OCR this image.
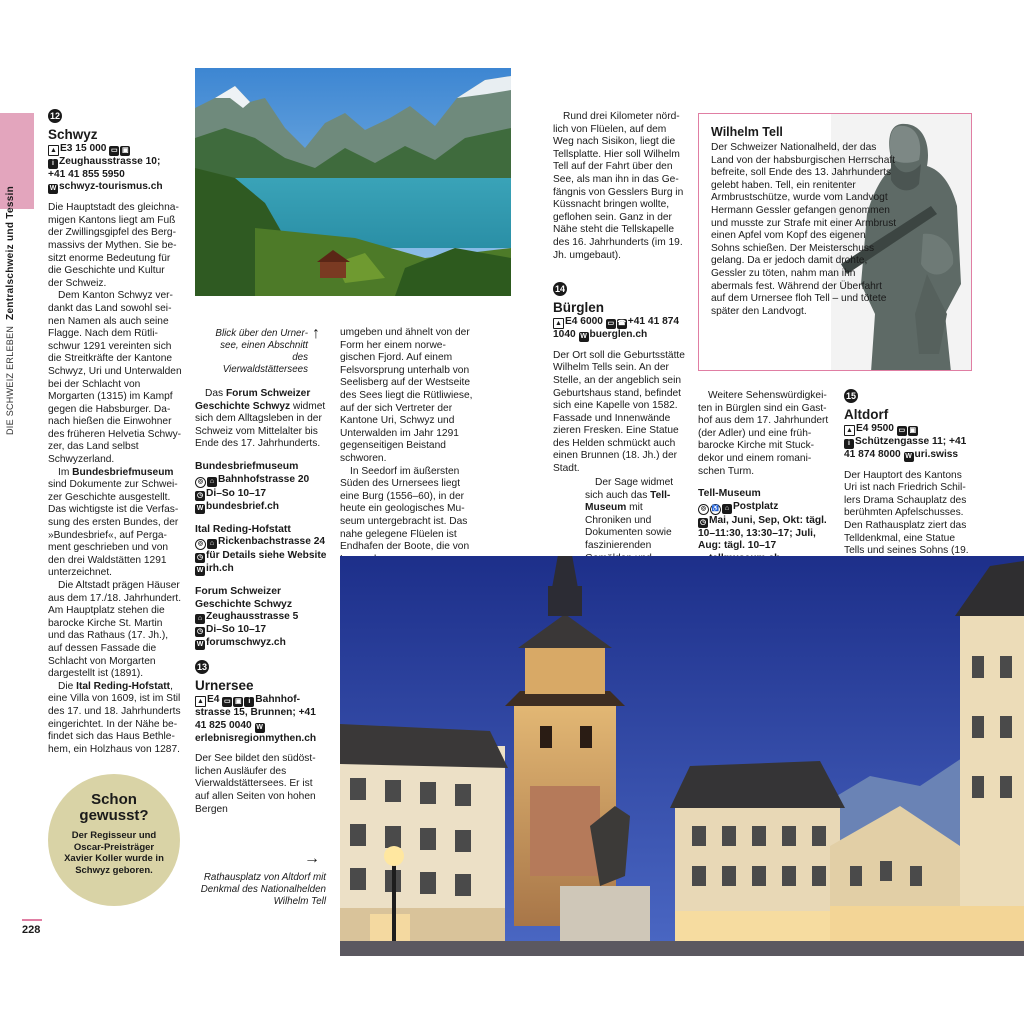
DIE SCHWEIZ ERLEBEN Zentralschweiz und Tessin
228
12
Schwyz
▲ E3 15 000 ▭ ▣
i Zeughausstrasse 10;
+41 41 855 5950
W schwyz-tourismus.ch

Die Hauptstadt des gleichnamigen Kantons liegt am Fuß der Zwillingsgipfel des Bergmassivs der Mythen. Sie besitzt enorme Bedeutung für die Geschichte und Kultur der Schweiz.

Dem Kanton Schwyz verdankt das Land sowohl seinen Namen als auch seine Flagge. Nach dem Rütlischwur 1291 vereinten sich die Streitkräfte der Kantone Schwyz, Uri und Unterwalden bei der Schlacht von Morgarten (1315) im Kampf gegen die Habsburger. Danach hießen die Einwohner des früheren Helvetia Schwyzer, das Land selbst Schwyzerland.

Im Bundesbriefmuseum sind Dokumente zur Schweizer Geschichte ausgestellt. Das wichtigste ist die Verfassung des ersten Bundes, der »Bundesbrief«, auf Pergament geschrieben und von den drei Waldstätten 1291 unterzeichnet.

Die Altstadt prägen Häuser aus dem 17./18. Jahrhundert. Am Hauptplatz stehen die barocke Kirche St. Martin und das Rathaus (17. Jh.), auf dessen Fassade die Schlacht von Morgarten dargestellt ist (1891).

Die Ital Reding-Hofstatt, eine Villa von 1609, ist im Stil des 17. und 18. Jahrhunderts eingerichtet. In der Nähe befindet sich das Haus Bethlehem, ein Holzhaus von 1287.

Schon gewusst?
Der Regisseur und Oscar-Preisträger Xavier Koller wurde in Schwyz geboren.
Blick über den Urnersee, einen Abschnitt des Vierwaldstättersees
↑

Das Forum Schweizer Geschichte Schwyz widmet sich dem Alltagsleben in der Schweiz vom Mittelalter bis Ende des 17. Jahrhunderts.

Bundesbriefmuseum
◎ ⌂ Bahnhofstrasse 20
◷ Di–So 10–17
W bundesbrief.ch
Ital Reding-Hofstatt
◎ ⌂ Rickenbachstrasse 24
◷ für Details siehe Website W irh.ch
Forum Schweizer Geschichte Schwyz
⌂ Zeughausstrasse 5
◷ Di–So 10–17
W forumschwyz.ch
13
Urnersee
▲ E4 ▭ ▣ i Bahnhofstrasse 15, Brunnen; +41 41 825 0040 Werlebnisregionmythen.ch

Der See bildet den südöstlichen Ausläufer des Vierwaldstättersees. Er ist auf allen Seiten von hohen Bergen

Rathausplatz von Altdorf mit Denkmal des Nationalhelden Wilhelm Tell
→

umgeben und ähnelt von der Form her einem norwegischen Fjord. Auf einem Felsvorsprung unterhalb von Seelisberg auf der Westseite des Sees liegt die Rütliwiese, auf der sich Vertreter der Kantone Uri, Schwyz und Unterwalden im Jahr 1291 gegenseitigen Beistand schworen.

In Seedorf im äußersten Süden des Urnersees liegt eine Burg (1556–60), in der heute ein geologisches Museum untergebracht ist. Das nahe gelegene Flüelen ist Endhafen der Boote, die von

Rund drei Kilometer nördlich von Flüelen, auf dem Weg nach Sisikon, liegt die Tellsplatte. Hier soll Wilhelm Tell auf der Fahrt über den See, als man ihn in das Gefängnis von Gesslers Burg in Küssnacht bringen wollte, geflohen sein. Ganz in der Nähe steht die Tellskapelle des 16. Jahrhunderts (im 19. Jh. umgebaut).

14
Bürglen
▲ E4 6000 ▭ ☎ +41 41 874 1040 W buerglen.ch

Der Ort soll die Geburtsstätte Wilhelm Tells sein. An der Stelle, an der angeblich sein Geburtshaus stand, befindet sich eine Kapelle von 1582. Fassade und Innenwände zieren Fresken. Eine Statue des Helden schmückt auch einen Brunnen (18. Jh.) der Stadt.

Der Sage widmet sich auch das Tell-Museum mit Chroniken und Dokumenten sowie faszinierenden

Wilhelm Tell
Der Schweizer Nationalheld, der das Land von der habsburgischen Herrschaft befreite, soll Ende des 13. Jahrhunderts gelebt haben. Tell, ein renitenter Armbrustschütze, wurde vom Landvogt Hermann Gessler gefangen genommen und musste zur Strafe mit einer Armbrust einen Apfel vom Kopf des eigenen Sohns schießen. Der Meisterschuss gelang. Da er jedoch damit drohte, Gessler zu töten, nahm man ihn abermals fest. Während der Überfahrt auf dem Urnersee floh Tell – und tötete später den Landvogt.

Weitere Sehenswürdigkeiten in Bürglen sind ein Gasthof aus dem 17. Jahrhundert (der Adler) und eine frühbarocke Kirche mit Stuckdekor und einem romanischen Turm.

Tell-Museum
◎ ♿ ⌂ Postplatz
◷ Mai, Juni, Sep, Okt: tägl. 10–11:30, 13:30–17; Juli, Aug: tägl. 10–17

15
Altdorf
▲ E4 9500 ▭ ▣
i Schützengasse 11; +41 41 874 8000 W uri.swiss

Der Hauptort des Kantons Uri ist nach Friedrich Schillers Drama Schauplatz des berühmten Apfelschusses. Den Rathausplatz ziert das Telldenkmal, eine Statue Tells und seines Sohns (19.
